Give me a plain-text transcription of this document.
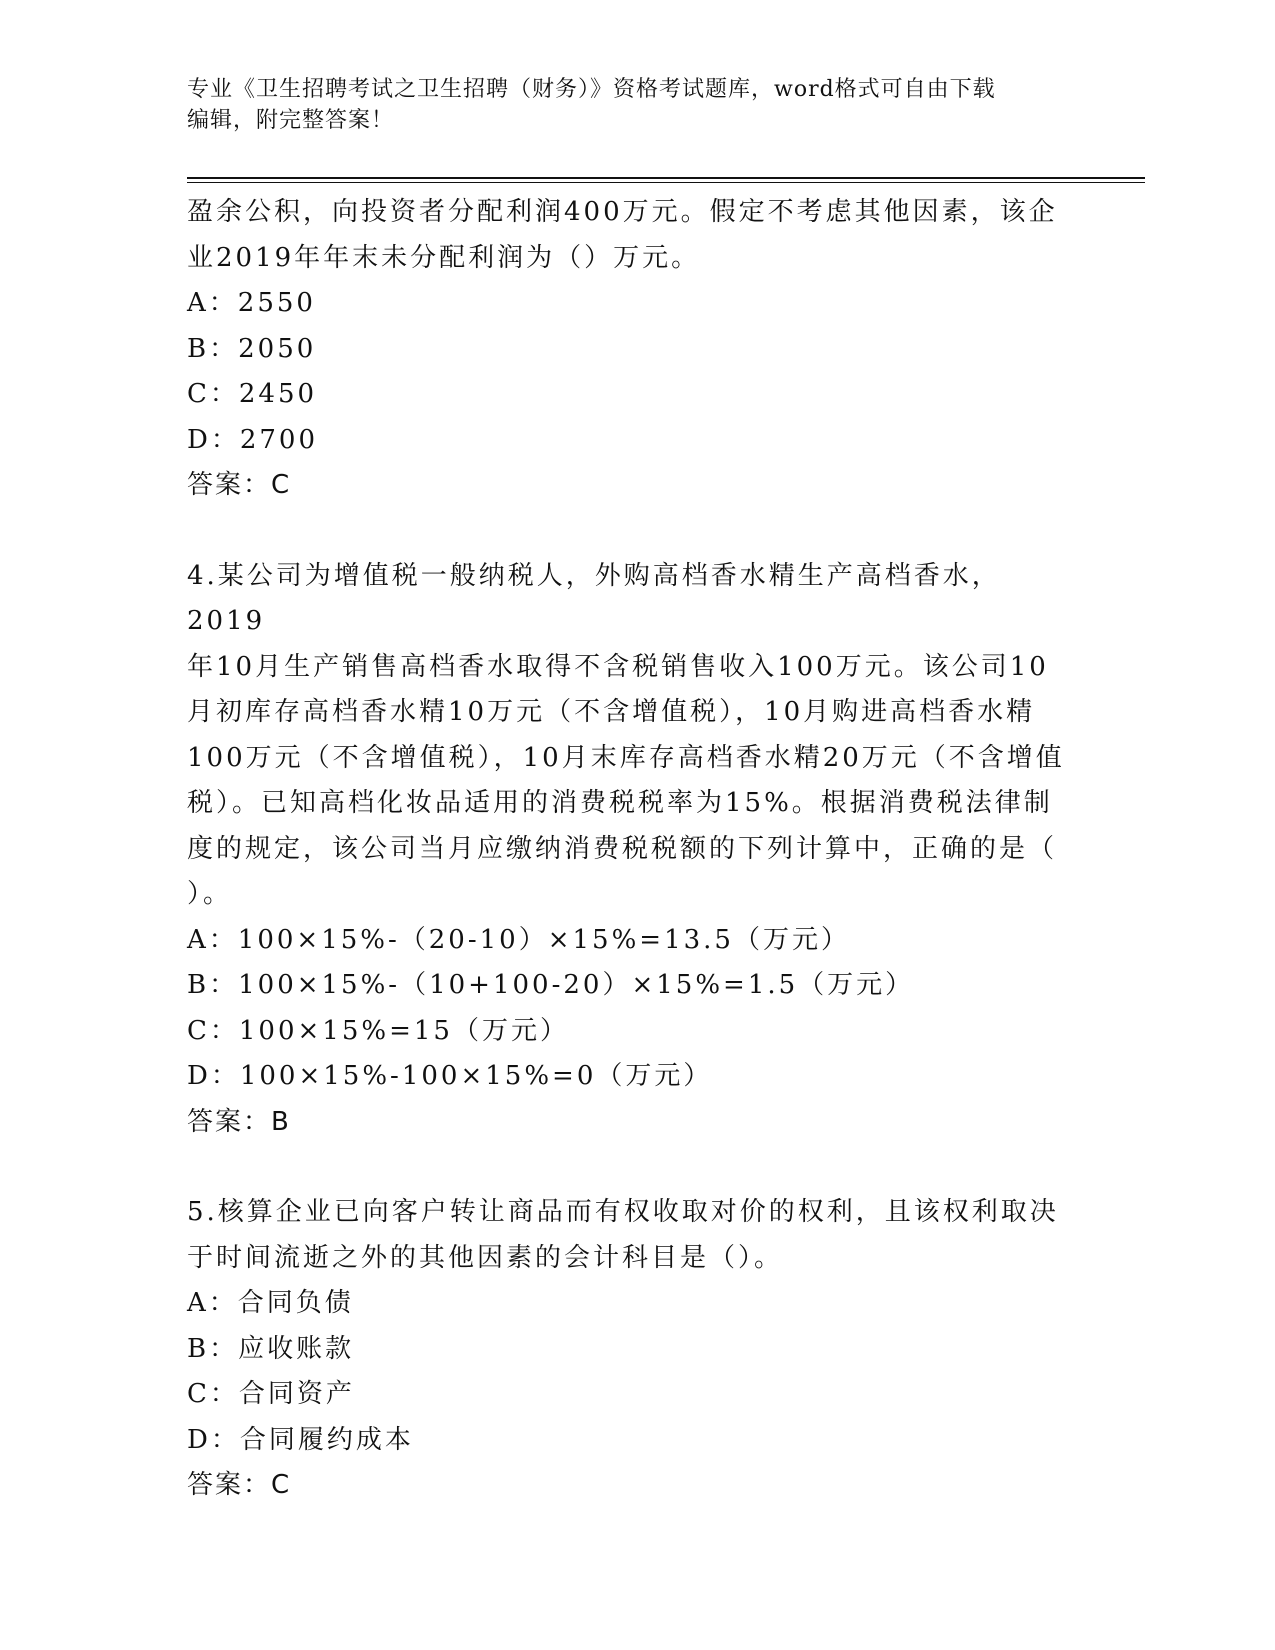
专业《卫生招聘考试之卫生招聘（财务）》资格考试题库，word格式可自由下载
编辑，附完整答案！

盈余公积，向投资者分配利润400万元。假定不考虑其他因素，该企

业2019年年末未分配利润为（）万元。

A：2550

B：2050

C：2450

D：2700

答案：C

4.某公司为增值税一般纳税人，外购高档香水精生产高档香水，2019

年10月生产销售高档香水取得不含税销售收入100万元。该公司10

月初库存高档香水精10万元（不含增值税），10月购进高档香水精

100万元（不含增值税），10月末库存高档香水精20万元（不含增值

税）。已知高档化妆品适用的消费税税率为15%。根据消费税法律制

度的规定，该公司当月应缴纳消费税税额的下列计算中，正确的是（

）。

A：100×15%-（20-10）×15%=13.5（万元）

B：100×15%-（10+100-20）×15%=1.5（万元）

C：100×15%=15（万元）

D：100×15%-100×15%=0（万元）

答案：B

5.核算企业已向客户转让商品而有权收取对价的权利，且该权利取决

于时间流逝之外的其他因素的会计科目是（）。

A：合同负债

B：应收账款

C：合同资产

D：合同履约成本

答案：C
